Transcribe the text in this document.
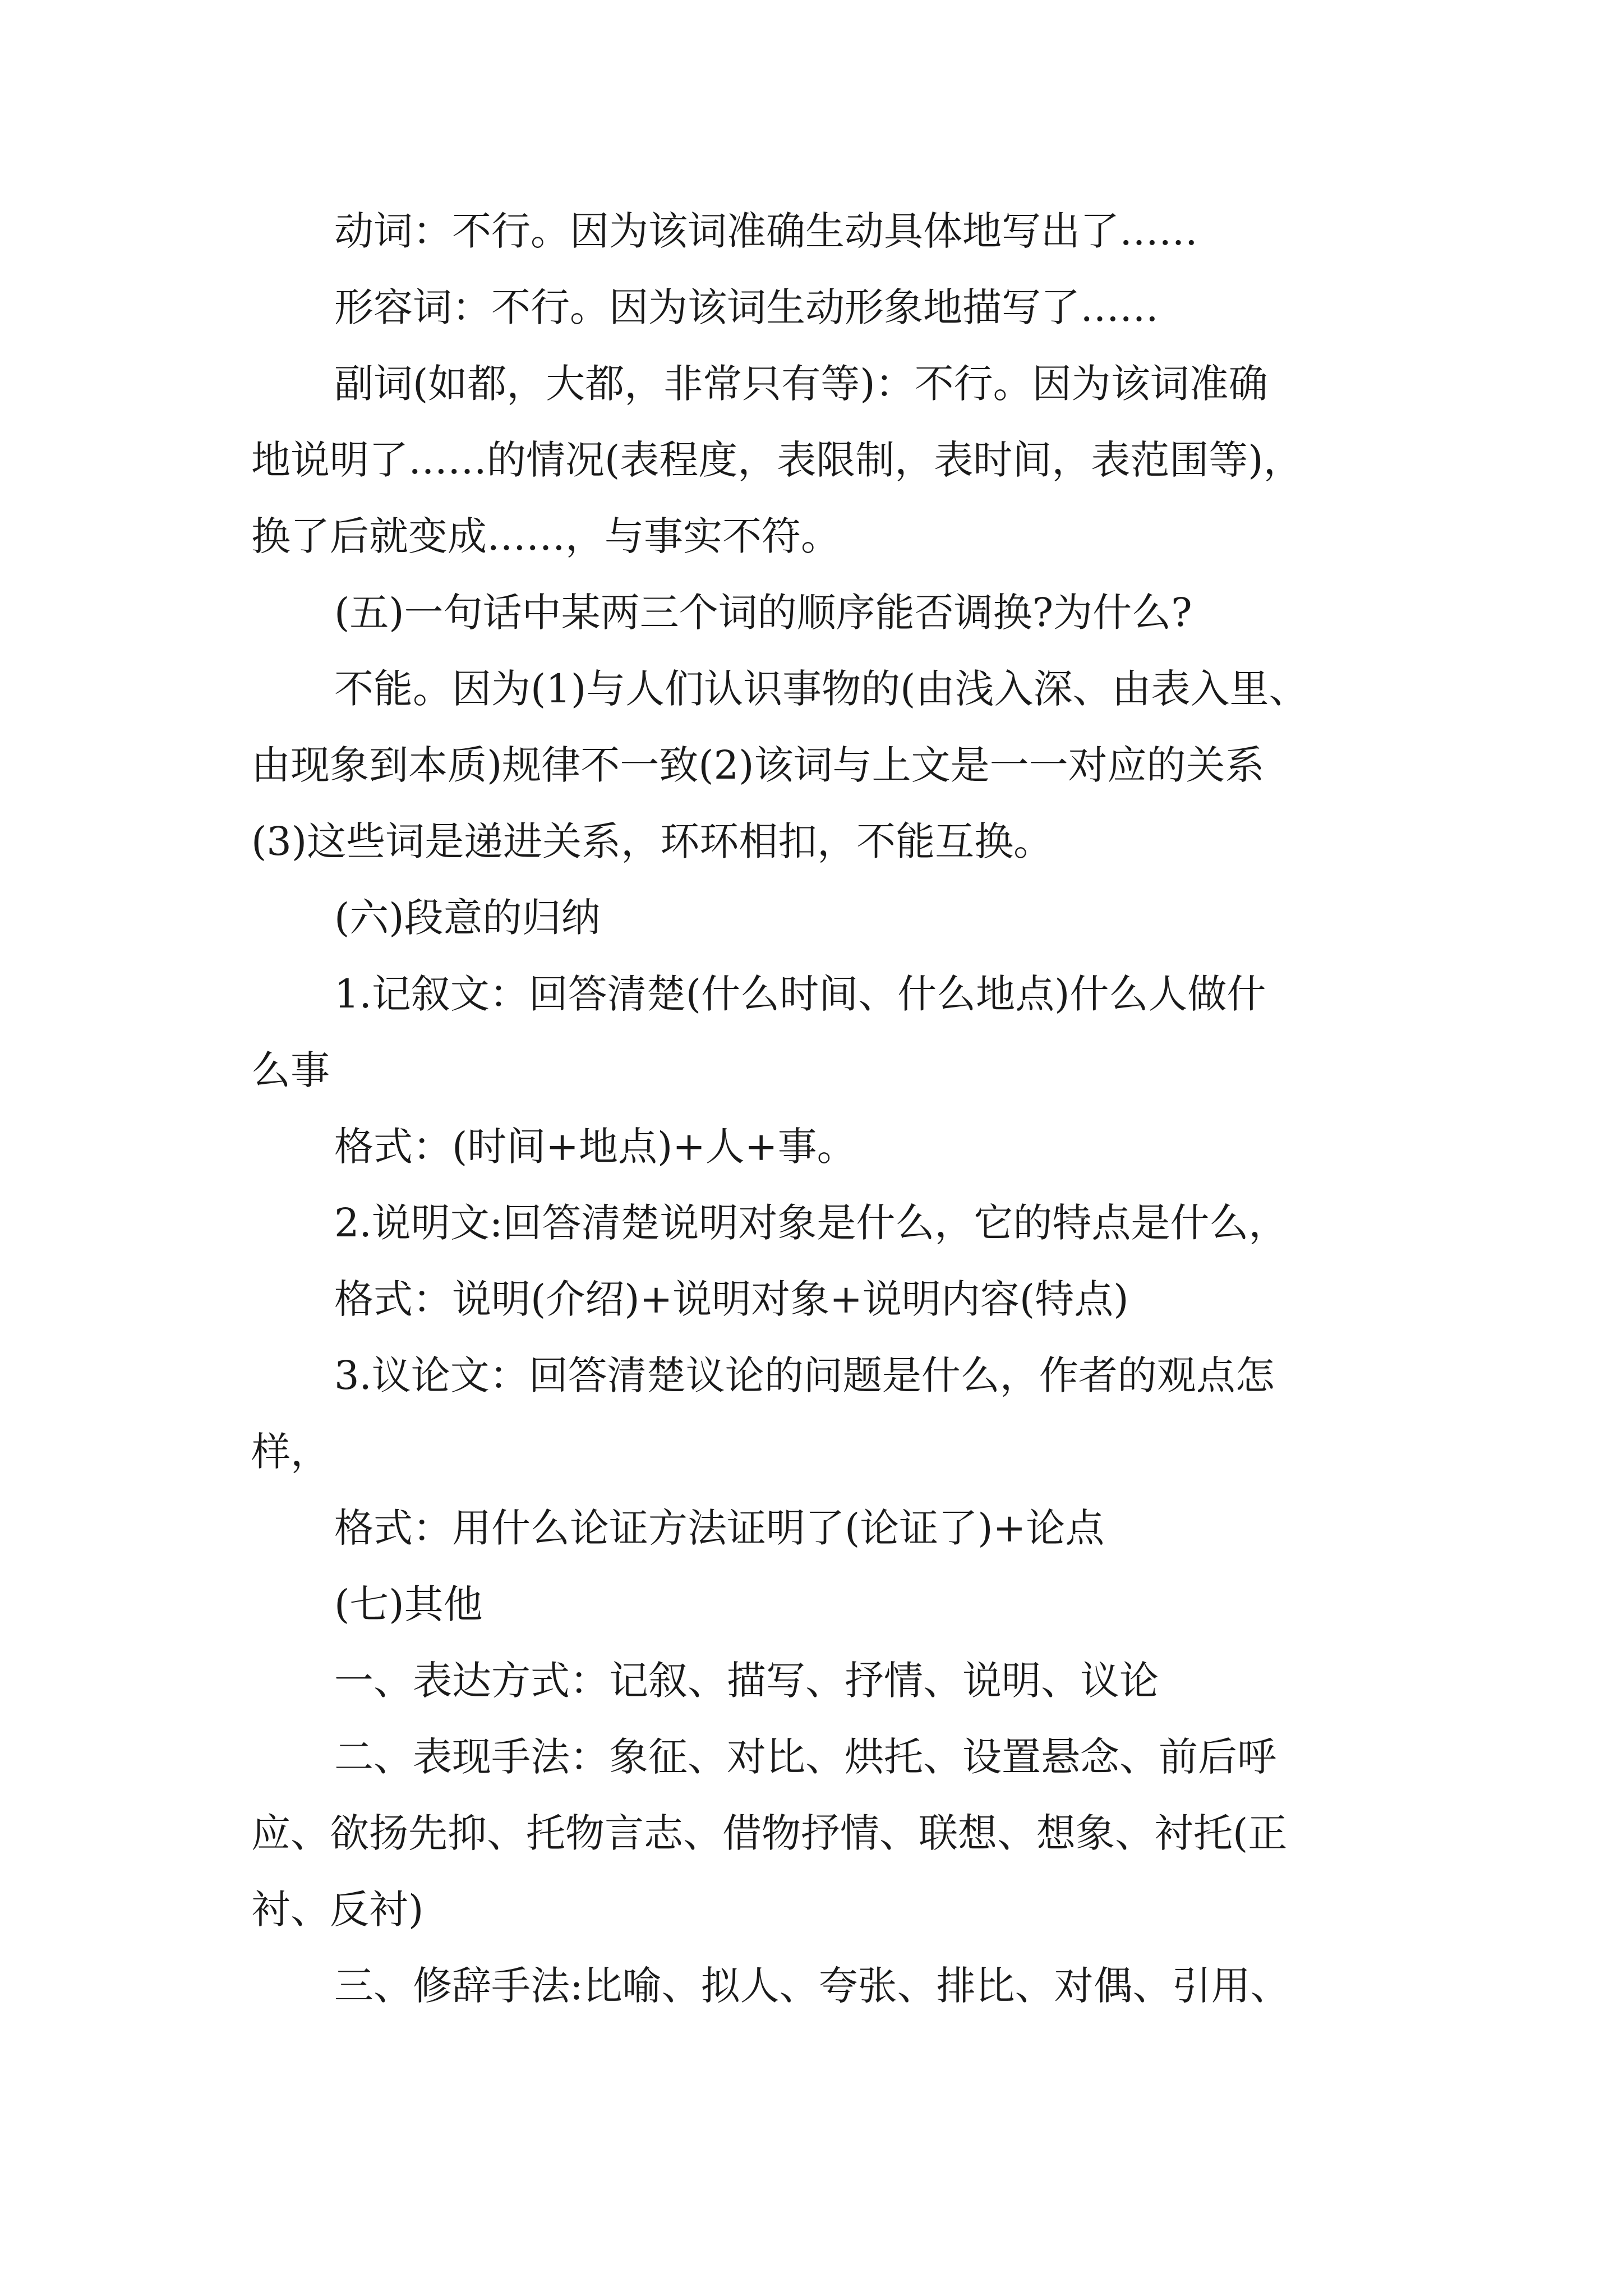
动词：不行。因为该词准确生动具体地写出了……
形容词：不行。因为该词生动形象地描写了……
副词(如都，大都，非常只有等)：不行。因为该词准确
地说明了……的情况(表程度，表限制，表时间，表范围等)，
换了后就变成……，与事实不符。
(五)一句话中某两三个词的顺序能否调换?为什么?
不能。因为(1)与人们认识事物的(由浅入深、由表入里、
由现象到本质)规律不一致(2)该词与上文是一一对应的关系
(3)这些词是递进关系，环环相扣，不能互换。
(六)段意的归纳
1.记叙文：回答清楚(什么时间、什么地点)什么人做什
么事
格式：(时间+地点)+人+事。
2.说明文:回答清楚说明对象是什么，它的特点是什么，
格式：说明(介绍)+说明对象+说明内容(特点)
3.议论文：回答清楚议论的问题是什么，作者的观点怎
样，
格式：用什么论证方法证明了(论证了)+论点
(七)其他
一、表达方式：记叙、描写、抒情、说明、议论
二、表现手法：象征、对比、烘托、设置悬念、前后呼
应、欲扬先抑、托物言志、借物抒情、联想、想象、衬托(正
衬、反衬)
三、修辞手法:比喻、拟人、夸张、排比、对偶、引用、
